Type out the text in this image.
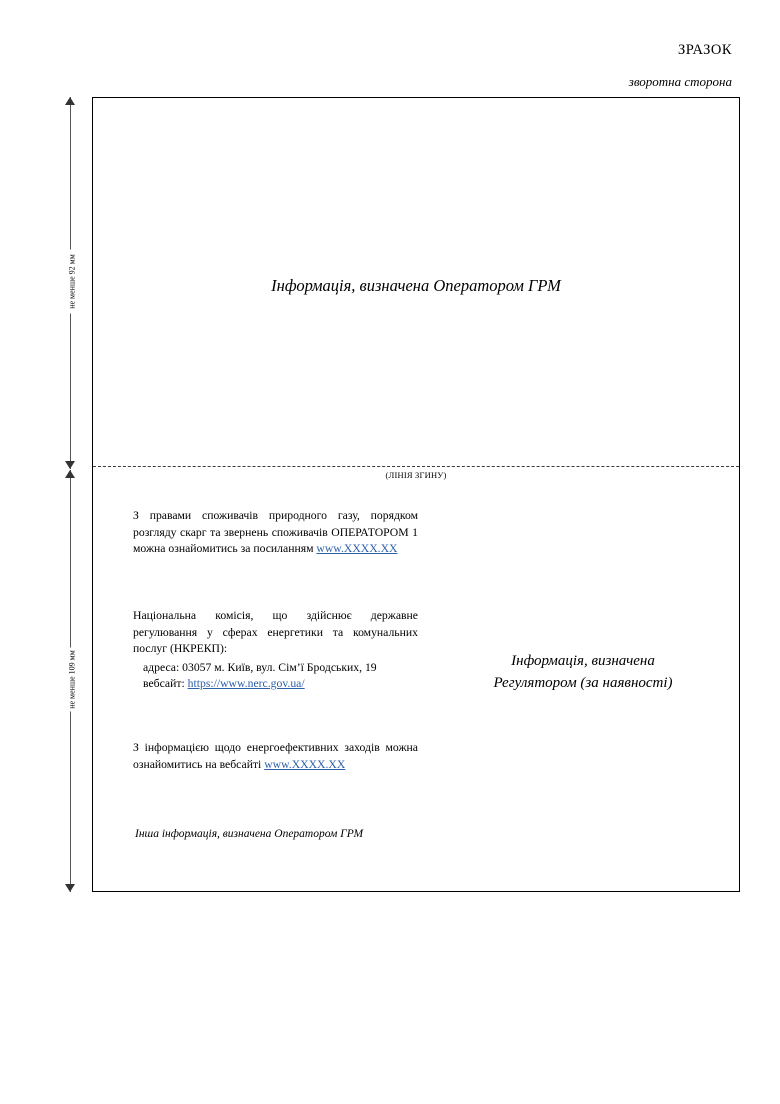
ЗРАЗОК
зворотна сторона
не менше 92 мм
не менше 109 мм
Інформація, визначена Оператором ГРМ
(ЛІНІЯ ЗГИНУ)
З правами споживачів природного газу, порядком розгляду скарг та звернень споживачів ОПЕРАТОРОМ 1 можна ознайомитись за посиланням www.XXXX.XX
Національна комісія, що здійснює державне регулювання у сферах енергетики та комунальних послуг (НКРЕКП):
адреса: 03057 м. Київ, вул. Сім’ї Бродських, 19
вебсайт: https://www.nerc.gov.ua/
З інформацією щодо енергоефективних заходів можна ознайомитись на вебсайті www.XXXX.XX
Інша інформація, визначена Оператором ГРМ
Інформація, визначена
Регулятором (за наявності)
